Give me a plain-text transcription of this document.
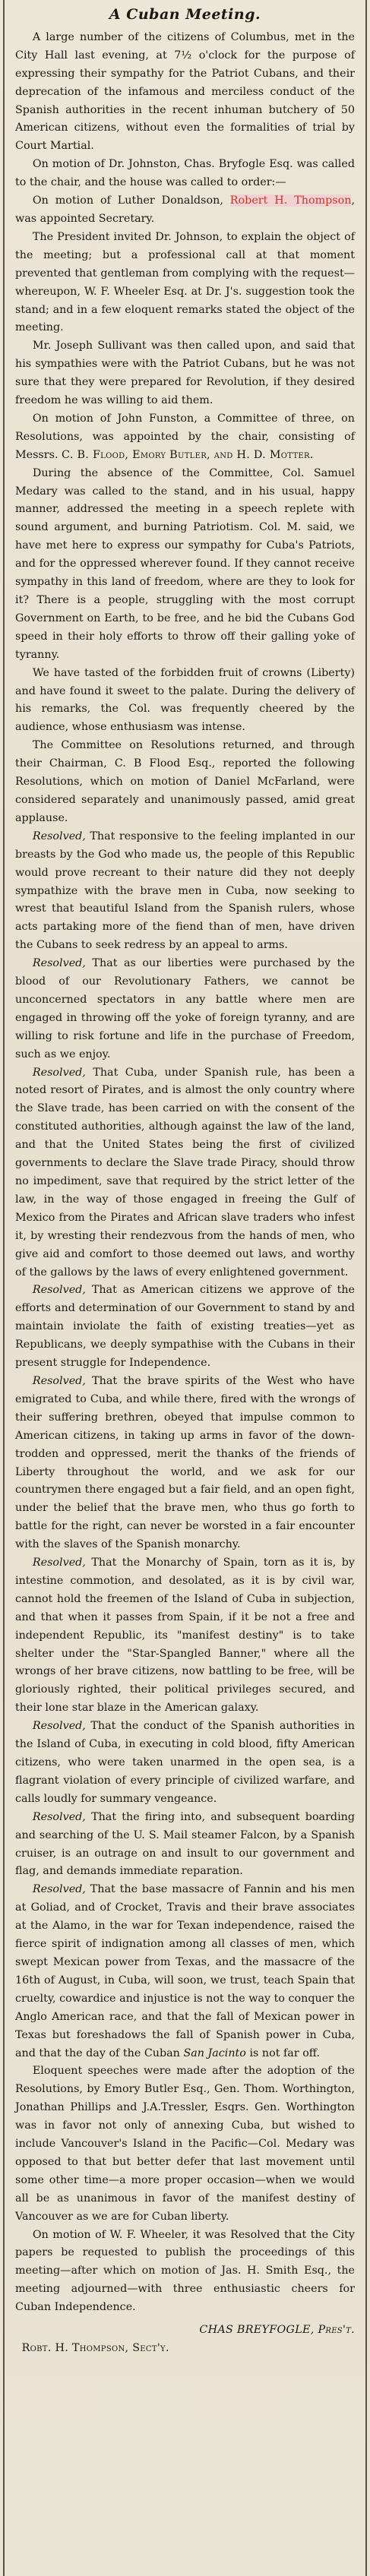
A Cuban Meeting.

A large number of the citizens of Columbus, met in the City Hall last evening, at 7½ o'clock for the purpose of expressing their sympathy for the Patriot Cubans, and their deprecation of the infamous and merciless conduct of the Spanish authorities in the recent inhuman butchery of 50 American citizens, without even the formalities of trial by Court Martial.

On motion of Dr. Johnston, Chas. Bryfogle Esq. was called to the chair, and the house was called to order:—

On motion of Luther Donaldson, Robert H. Thompson, was appointed Secretary.

The President invited Dr. Johnson, to explain the object of the meeting; but a professional call at that moment prevented that gentleman from complying with the request—whereupon, W. F. Wheeler Esq. at Dr. J's. suggestion took the stand; and in a few eloquent remarks stated the object of the meeting.

Mr. Joseph Sullivant was then called upon, and said that his sympathies were with the Patriot Cubans, but he was not sure that they were prepared for Revolution, if they desired freedom he was willing to aid them.

On motion of John Funston, a Committee of three, on Resolutions, was appointed by the chair, consisting of Messrs. C. B. Flood, Emory Butler, and H. D. Motter.

During the absence of the Committee, Col. Samuel Medary was called to the stand, and in his usual, happy manner, addressed the meeting in a speech replete with sound argument, and burning Patriotism. Col. M. said, we have met here to express our sympathy for Cuba's Patriots, and for the oppressed wherever found. If they cannot receive sympathy in this land of freedom, where are they to look for it? There is a people, struggling with the most corrupt Government on Earth, to be free, and he bid the Cubans God speed in their holy efforts to throw off their galling yoke of tyranny.

We have tasted of the forbidden fruit of crowns (Liberty) and have found it sweet to the palate. During the delivery of his remarks, the Col. was frequently cheered by the audience, whose enthusiasm was intense.

The Committee on Resolutions returned, and through their Chairman, C. B Flood Esq., reported the following Resolutions, which on motion of Daniel McFarland, were considered separately and unanimously passed, amid great applause.

Resolved, That responsive to the feeling implanted in our breasts by the God who made us, the people of this Republic would prove recreant to their nature did they not deeply sympathize with the brave men in Cuba, now seeking to wrest that beautiful Island from the Spanish rulers, whose acts partaking more of the fiend than of men, have driven the Cubans to seek redress by an appeal to arms.

Resolved, That as our liberties were purchased by the blood of our Revolutionary Fathers, we cannot be unconcerned spectators in any battle where men are engaged in throwing off the yoke of foreign tyranny, and are willing to risk fortune and life in the purchase of Freedom, such as we enjoy.

Resolved, That Cuba, under Spanish rule, has been a noted resort of Pirates, and is almost the only country where the Slave trade, has been carried on with the consent of the constituted authorities, although against the law of the land, and that the United States being the first of civilized governments to declare the Slave trade Piracy, should throw no impediment, save that required by the strict letter of the law, in the way of those engaged in freeing the Gulf of Mexico from the Pirates and African slave traders who infest it, by wresting their rendezvous from the hands of men, who give aid and comfort to those deemed out laws, and worthy of the gallows by the laws of every enlightened government.

Resolved, That as American citizens we approve of the efforts and determination of our Government to stand by and maintain inviolate the faith of existing treaties—yet as Republicans, we deeply sympathise with the Cubans in their present struggle for Independence.

Resolved, That the brave spirits of the West who have emigrated to Cuba, and while there, fired with the wrongs of their suffering brethren, obeyed that impulse common to American citizens, in taking up arms in favor of the down-trodden and oppressed, merit the thanks of the friends of Liberty throughout the world, and we ask for our countrymen there engaged but a fair field, and an open fight, under the belief that the brave men, who thus go forth to battle for the right, can never be worsted in a fair encounter with the slaves of the Spanish monarchy.

Resolved, That the Monarchy of Spain, torn as it is, by intestine commotion, and desolated, as it is by civil war, cannot hold the freemen of the Island of Cuba in subjection, and that when it passes from Spain, if it be not a free and independent Republic, its "manifest destiny" is to take shelter under the "Star-Spangled Banner," where all the wrongs of her brave citizens, now battling to be free, will be gloriously righted, their political privileges secured, and their lone star blaze in the American galaxy.

Resolved, That the conduct of the Spanish authorities in the Island of Cuba, in executing in cold blood, fifty American citizens, who were taken unarmed in the open sea, is a flagrant violation of every principle of civilized warfare, and calls loudly for summary vengeance.

Resolved, That the firing into, and subsequent boarding and searching of the U. S. Mail steamer Falcon, by a Spanish cruiser, is an outrage on and insult to our government and flag, and demands immediate reparation.

Resolved, That the base massacre of Fannin and his men at Goliad, and of Crocket, Travis and their brave associates at the Alamo, in the war for Texan independence, raised the fierce spirit of indignation among all classes of men, which swept Mexican power from Texas, and the massacre of the 16th of August, in Cuba, will soon, we trust, teach Spain that cruelty, cowardice and injustice is not the way to conquer the Anglo American race, and that the fall of Mexican power in Texas but foreshadows the fall of Spanish power in Cuba, and that the day of the Cuban San Jacinto is not far off.

Eloquent speeches were made after the adoption of the Resolutions, by Emory Butler Esq., Gen. Thom. Worthington, Jonathan Phillips and J.A.Tressler, Esqrs. Gen. Worthington was in favor not only of annexing Cuba, but wished to include Vancouver's Island in the Pacific—Col. Medary was opposed to that but better defer that last movement until some other time—a more proper occasion—when we would all be as unanimous in favor of the manifest destiny of Vancouver as we are for Cuban liberty.

On motion of W. F. Wheeler, it was Resolved that the City papers be requested to publish the proceedings of this meeting—after which on motion of Jas. H. Smith Esq., the meeting adjourned—with three enthusiastic cheers for Cuban Independence.

CHAS BREYFOGLE, Pres't.
Robt. H. Thompson, Sect'y.
